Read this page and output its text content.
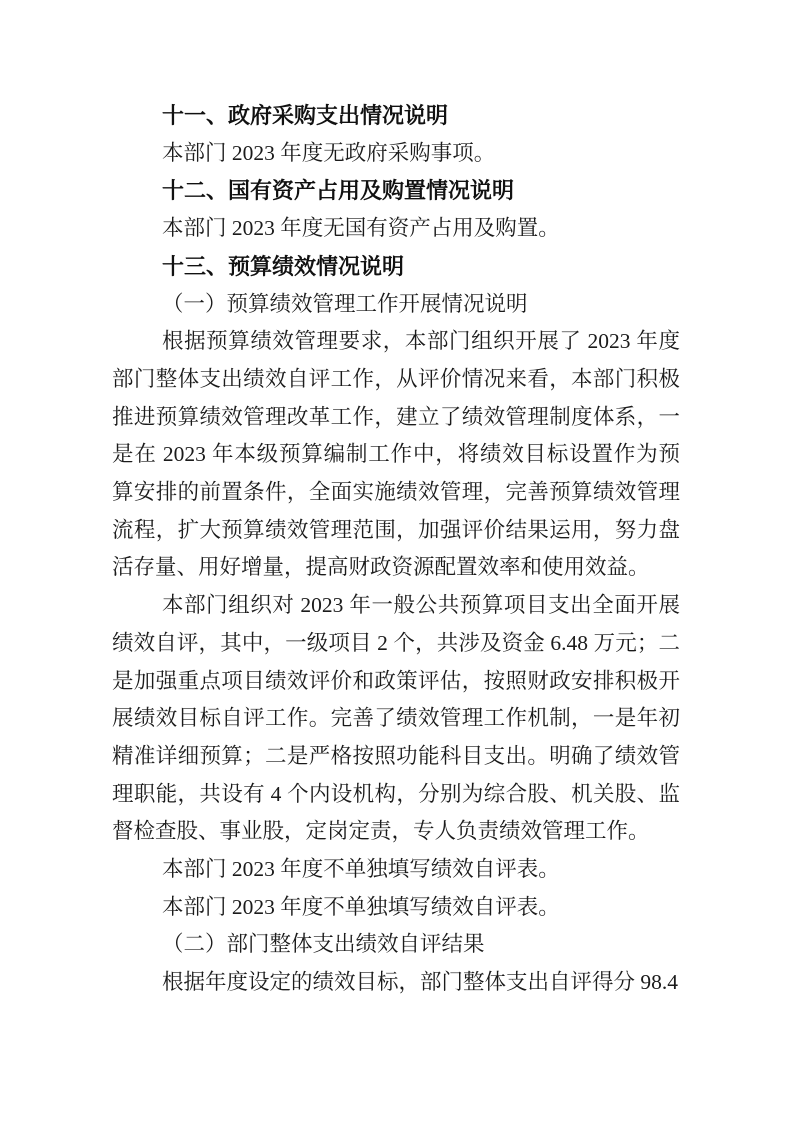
十一、政府采购支出情况说明

本部门 2023 年度无政府采购事项。

十二、国有资产占用及购置情况说明

本部门 2023 年度无国有资产占用及购置。

十三、预算绩效情况说明
（一）预算绩效管理工作开展情况说明

根据预算绩效管理要求，本部门组织开展了 2023 年度部门整体支出绩效自评工作，从评价情况来看，本部门积极推进预算绩效管理改革工作，建立了绩效管理制度体系，一是在 2023 年本级预算编制工作中，将绩效目标设置作为预算安排的前置条件，全面实施绩效管理，完善预算绩效管理流程，扩大预算绩效管理范围，加强评价结果运用，努力盘活存量、用好增量，提高财政资源配置效率和使用效益。

本部门组织对 2023 年一般公共预算项目支出全面开展绩效自评，其中，一级项目 2 个，共涉及资金 6.48 万元；二是加强重点项目绩效评价和政策评估，按照财政安排积极开展绩效目标自评工作。完善了绩效管理工作机制，一是年初精准详细预算；二是严格按照功能科目支出。明确了绩效管理职能，共设有 4 个内设机构，分别为综合股、机关股、监督检查股、事业股，定岗定责，专人负责绩效管理工作。

本部门 2023 年度不单独填写绩效自评表。

本部门 2023 年度不单独填写绩效自评表。

（二）部门整体支出绩效自评结果

根据年度设定的绩效目标，部门整体支出自评得分 98.4
